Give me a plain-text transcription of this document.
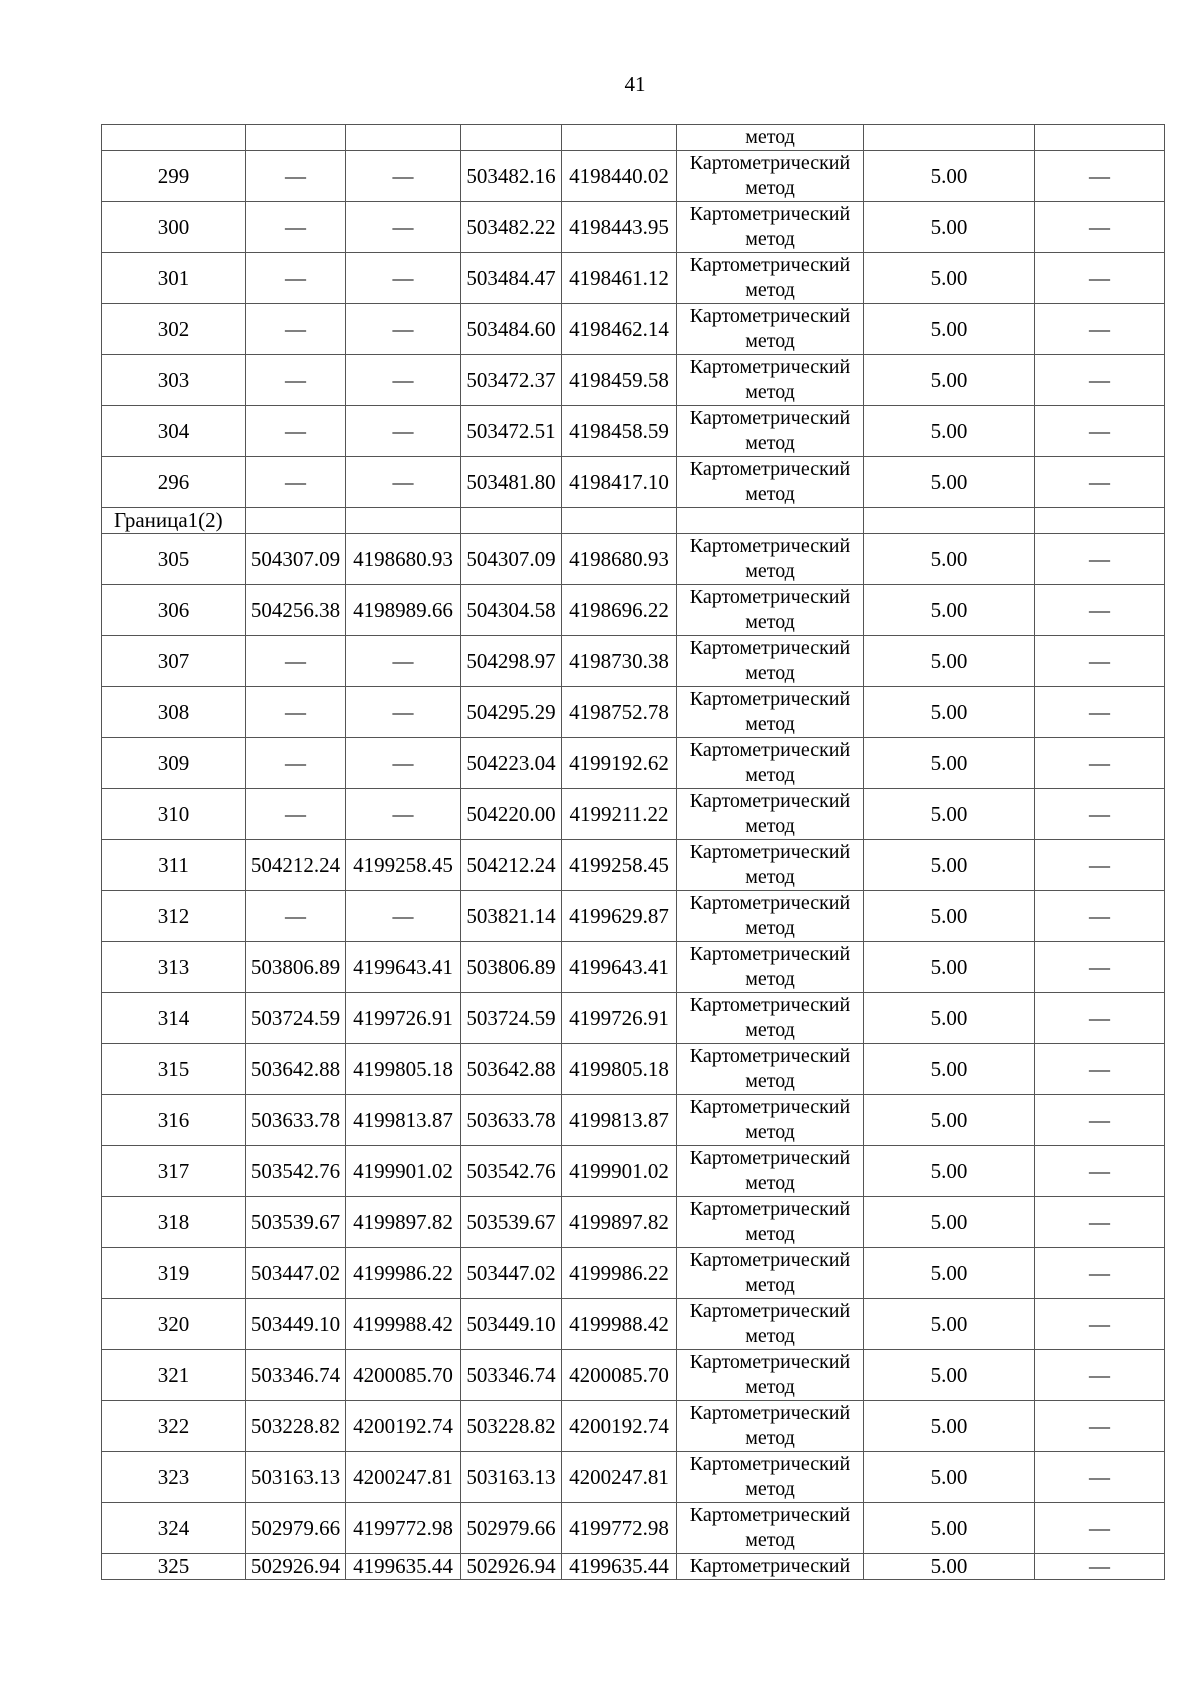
41
					метод		
299	—	—	503482.16	4198440.02	Картометрический
метод	5.00	—
300	—	—	503482.22	4198443.95	Картометрический
метод	5.00	—
301	—	—	503484.47	4198461.12	Картометрический
метод	5.00	—
302	—	—	503484.60	4198462.14	Картометрический
метод	5.00	—
303	—	—	503472.37	4198459.58	Картометрический
метод	5.00	—
304	—	—	503472.51	4198458.59	Картометрический
метод	5.00	—
296	—	—	503481.80	4198417.10	Картометрический
метод	5.00	—
Граница1(2)							
305	504307.09	4198680.93	504307.09	4198680.93	Картометрический
метод	5.00	—
306	504256.38	4198989.66	504304.58	4198696.22	Картометрический
метод	5.00	—
307	—	—	504298.97	4198730.38	Картометрический
метод	5.00	—
308	—	—	504295.29	4198752.78	Картометрический
метод	5.00	—
309	—	—	504223.04	4199192.62	Картометрический
метод	5.00	—
310	—	—	504220.00	4199211.22	Картометрический
метод	5.00	—
311	504212.24	4199258.45	504212.24	4199258.45	Картометрический
метод	5.00	—
312	—	—	503821.14	4199629.87	Картометрический
метод	5.00	—
313	503806.89	4199643.41	503806.89	4199643.41	Картометрический
метод	5.00	—
314	503724.59	4199726.91	503724.59	4199726.91	Картометрический
метод	5.00	—
315	503642.88	4199805.18	503642.88	4199805.18	Картометрический
метод	5.00	—
316	503633.78	4199813.87	503633.78	4199813.87	Картометрический
метод	5.00	—
317	503542.76	4199901.02	503542.76	4199901.02	Картометрический
метод	5.00	—
318	503539.67	4199897.82	503539.67	4199897.82	Картометрический
метод	5.00	—
319	503447.02	4199986.22	503447.02	4199986.22	Картометрический
метод	5.00	—
320	503449.10	4199988.42	503449.10	4199988.42	Картометрический
метод	5.00	—
321	503346.74	4200085.70	503346.74	4200085.70	Картометрический
метод	5.00	—
322	503228.82	4200192.74	503228.82	4200192.74	Картометрический
метод	5.00	—
323	503163.13	4200247.81	503163.13	4200247.81	Картометрический
метод	5.00	—
324	502979.66	4199772.98	502979.66	4199772.98	Картометрический
метод	5.00	—
325	502926.94	4199635.44	502926.94	4199635.44	Картометрический	5.00	—
